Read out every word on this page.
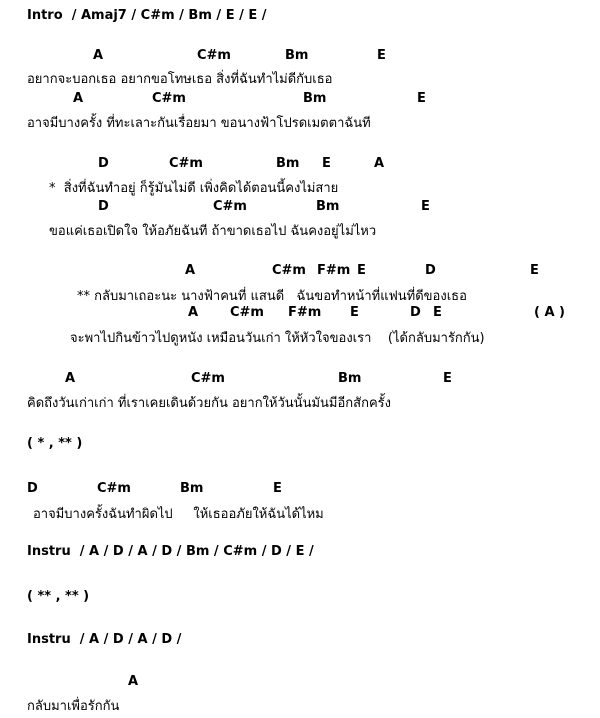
Intro  / Amaj7 / C#m / Bm / E / E /
A	C#m	Bm	E
อยากจะบอกเธอ อยากขอโทษเธอ สิ่งที่ฉันทำไม่ดีกับเธอ
A	C#m	Bm	E
อาจมีบางครั้ง ที่ทะเลาะกันเรื่อยมา ขอนางฟ้าโปรดเมตตาฉันที
D	C#m	Bm E	A
*  สิ่งที่ฉันทำอยู่ ก็รู้มันไม่ดี เพิ่งคิดได้ตอนนี้คงไม่สาย
D	C#m	Bm	E
ขอแค่เธอเปิดใจ ให้อภัยฉันที ถ้าขาดเธอไป ฉันคงอยู่ไม่ไหว
A	C#m F#m E	D	E
** กลับมาเถอะนะ นางฟ้าคนที่ แสนดี   ฉันขอทำหน้าที่แฟนที่ดีของเธอ
A C#m F#m E	D E	( A )
จะพาไปกินข้าวไปดูหนัง เหมือนวันเก่า ให้หัวใจของเรา    (ได้กลับมารักกัน)
A	C#m	Bm	E
คิดถึงวันเก่าเก่า ที่เราเคยเดินด้วยกัน อยากให้วันนั้นมันมีอีกสักครั้ง
( * , ** )
D	C#m	Bm	E
อาจมีบางครั้งฉันทำผิดไป     ให้เธออภัยให้ฉันได้ไหม
Instru  / A / D / A / D / Bm / C#m / D / E /
( ** , ** )
Instru  / A / D / A / D /
A
กลับมาเพื่อรักกัน
